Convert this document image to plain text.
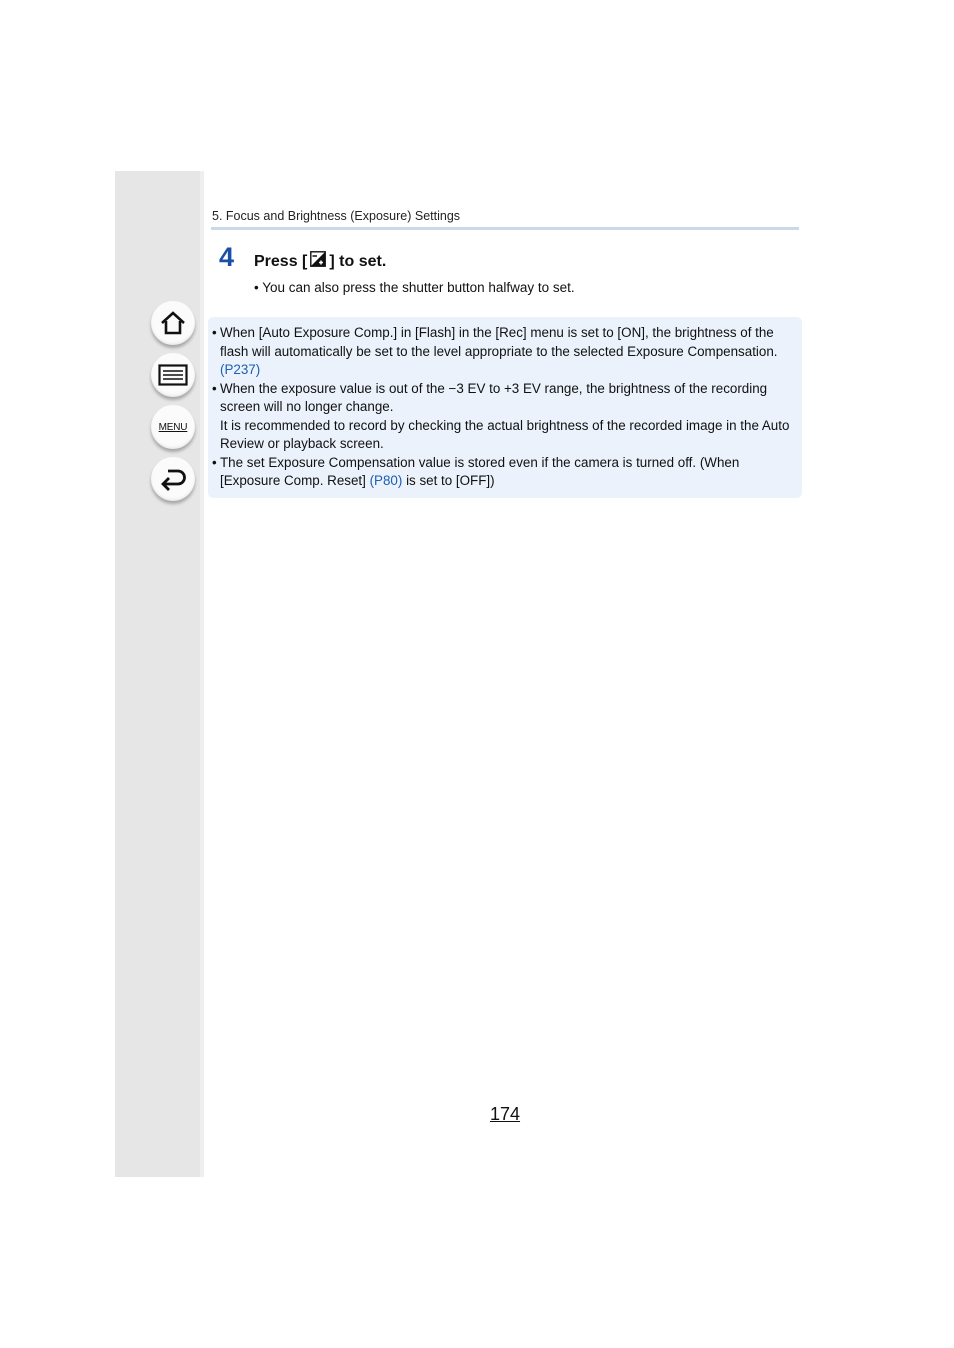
MENU
5. Focus and Brightness (Exposure) Settings
4 Press [ ] to set.
• You can also press the shutter button halfway to set.
• When [Auto Exposure Comp.] in [Flash] in the [Rec] menu is set to [ON], the brightness of the flash will automatically be set to the level appropriate to the selected Exposure Compensation. (P237)
• When the exposure value is out of the −3 EV to +3 EV range, the brightness of the recording screen will no longer change.
It is recommended to record by checking the actual brightness of the recorded image in the Auto Review or playback screen.
• The set Exposure Compensation value is stored even if the camera is turned off. (When [Exposure Comp. Reset] (P80) is set to [OFF])
174
